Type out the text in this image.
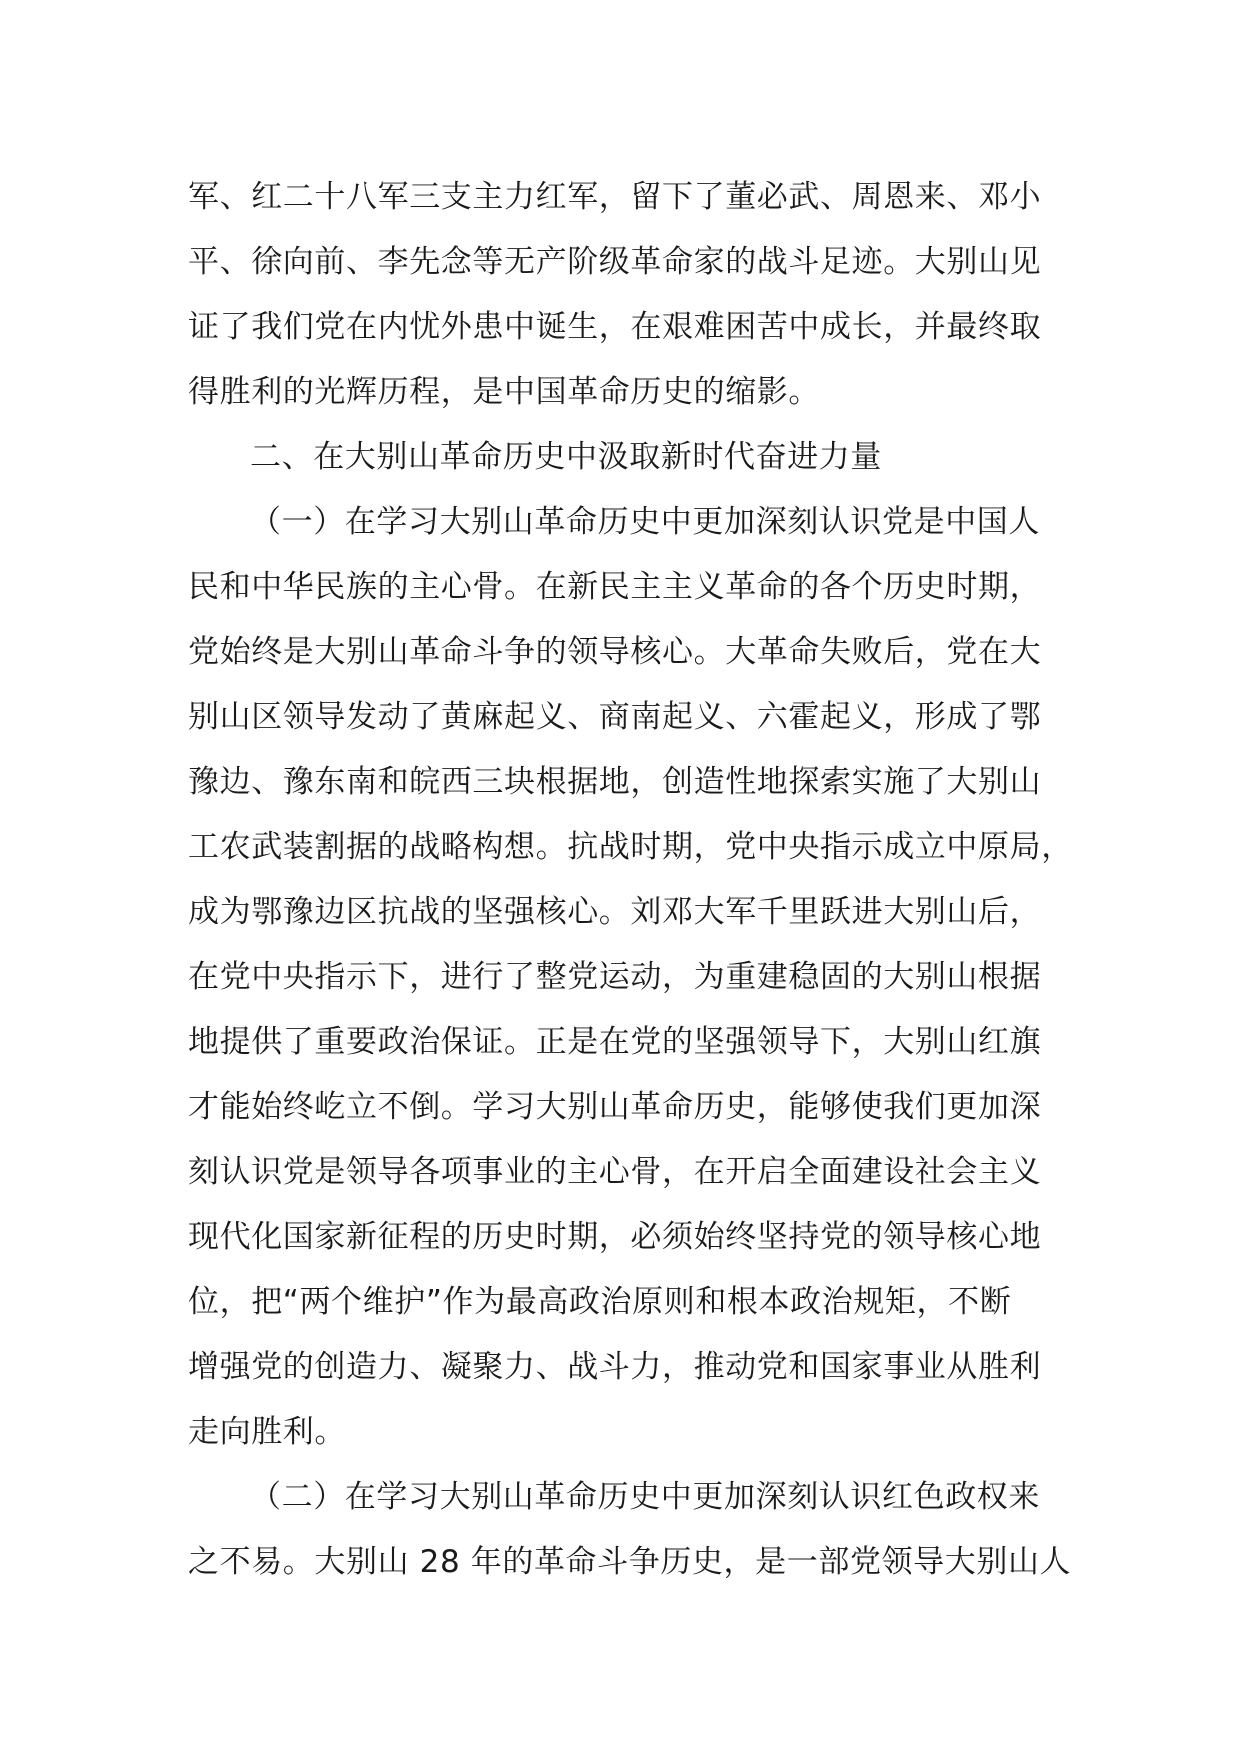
军、红二十八军三支主力红军，留下了董必武、周恩来、邓小
平、徐向前、李先念等无产阶级革命家的战斗足迹。大别山见
证了我们党在内忧外患中诞生，在艰难困苦中成长，并最终取
得胜利的光辉历程，是中国革命历史的缩影。
二、在大别山革命历史中汲取新时代奋进力量
（一）在学习大别山革命历史中更加深刻认识党是中国人
民和中华民族的主心骨。在新民主主义革命的各个历史时期，
党始终是大别山革命斗争的领导核心。大革命失败后，党在大
别山区领导发动了黄麻起义、商南起义、六霍起义，形成了鄂
豫边、豫东南和皖西三块根据地，创造性地探索实施了大别山
工农武装割据的战略构想。抗战时期，党中央指示成立中原局，
成为鄂豫边区抗战的坚强核心。刘邓大军千里跃进大别山后，
在党中央指示下，进行了整党运动，为重建稳固的大别山根据
地提供了重要政治保证。正是在党的坚强领导下，大别山红旗
才能始终屹立不倒。学习大别山革命历史，能够使我们更加深
刻认识党是领导各项事业的主心骨，在开启全面建设社会主义
现代化国家新征程的历史时期，必须始终坚持党的领导核心地
位，把“两个维护”作为最高政治原则和根本政治规矩，不断
增强党的创造力、凝聚力、战斗力，推动党和国家事业从胜利
走向胜利。
（二）在学习大别山革命历史中更加深刻认识红色政权来
之不易。大别山 28 年的革命斗争历史，是一部党领导大别山人
